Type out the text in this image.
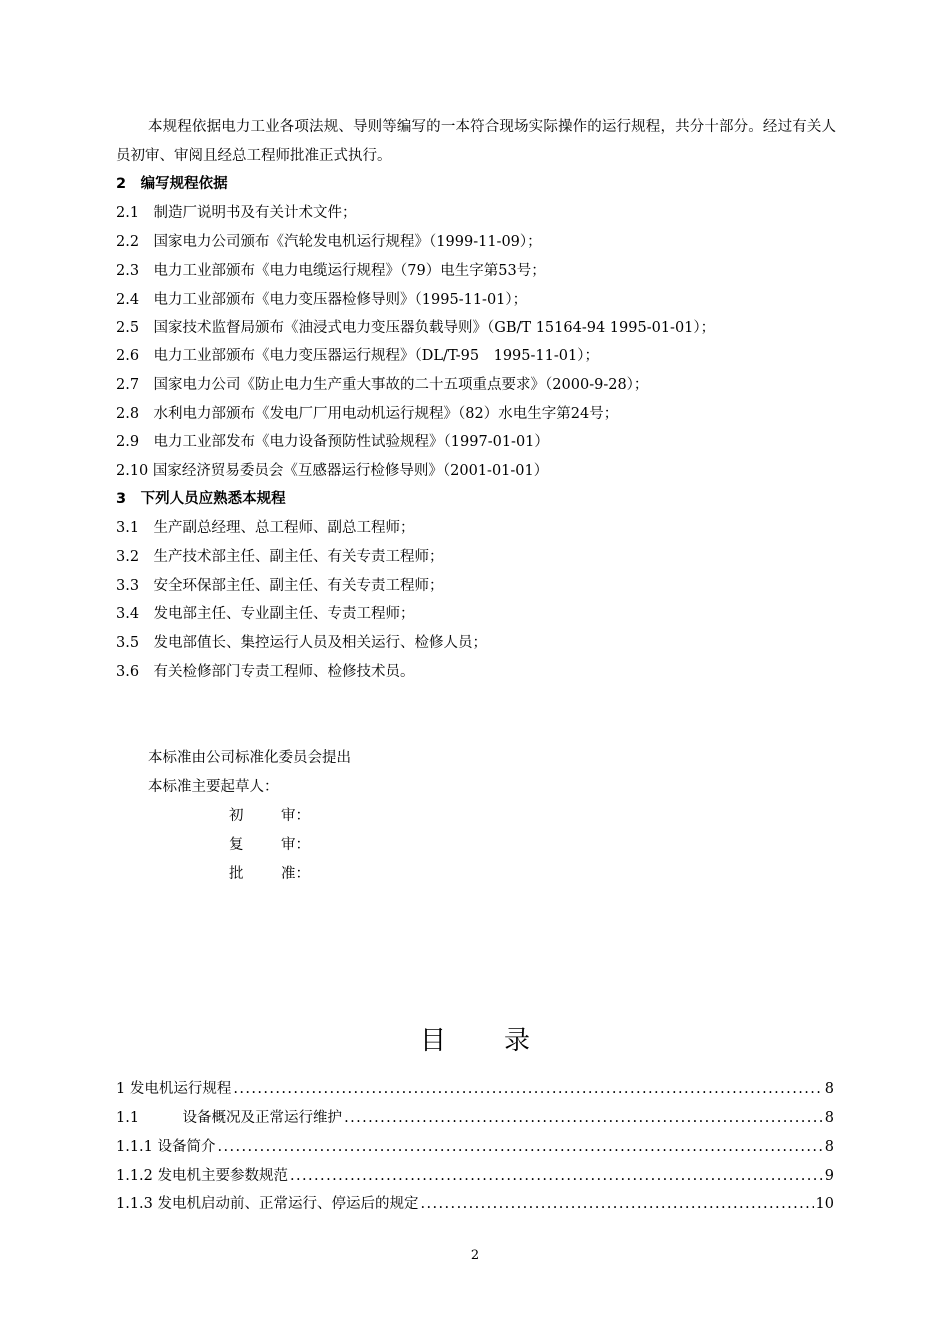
本规程依据电力工业各项法规、导则等编写的一本符合现场实际操作的运行规程，共分十部分。经过有关人员初审、审阅且经总工程师批准正式执行。
2　编写规程依据
2.1　制造厂说明书及有关计术文件；
2.2　国家电力公司颁布《汽轮发电机运行规程》（1999-11-09）；
2.3　电力工业部颁布《电力电缆运行规程》（79）电生字第53号；
2.4　电力工业部颁布《电力变压器检修导则》（1995-11-01）；
2.5　国家技术监督局颁布《油浸式电力变压器负载导则》（GB/T 15164-94 1995-01-01）；
2.6　电力工业部颁布《电力变压器运行规程》（DL/T-95　1995-11-01）；
2.7　国家电力公司《防止电力生产重大事故的二十五项重点要求》（2000-9-28）；
2.8　水利电力部颁布《发电厂厂用电动机运行规程》（82）水电生字第24号；
2.9　电力工业部发布《电力设备预防性试验规程》（1997-01-01）
2.10 国家经济贸易委员会《互感器运行检修导则》（2001-01-01）
3　下列人员应熟悉本规程
3.1　生产副总经理、总工程师、副总工程师；
3.2　生产技术部主任、副主任、有关专责工程师；
3.3　安全环保部主任、副主任、有关专责工程师；
3.4　发电部主任、专业副主任、专责工程师；
3.5　发电部值长、集控运行人员及相关运行、检修人员；
3.6　有关检修部门专责工程师、检修技术员。
本标准由公司标准化委员会提出
本标准主要起草人：
初	审：
复	审：
批	准：
目录
1 发电机运行规程 .....	8
1.1　　　设备概况及正常运行维护 .....	8
1.1.1 设备简介 .....	8
1.1.2 发电机主要参数规范 .....	9
1.1.3 发电机启动前、正常运行、停运后的规定 .....	10
2
